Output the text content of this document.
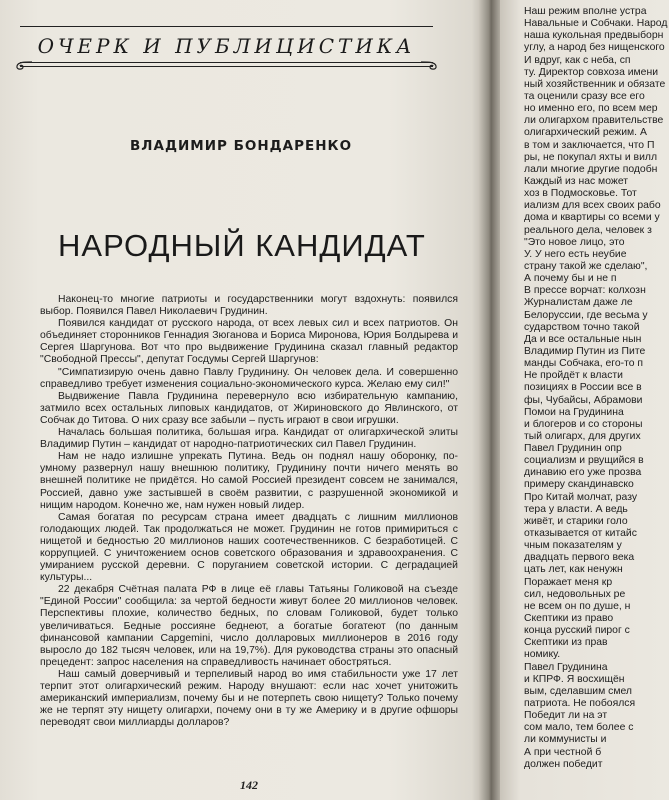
ОЧЕРК И ПУБЛИЦИСТИКА
ВЛАДИМИР БОНДАРЕНКО
НАРОДНЫЙ КАНДИДАТ

Наконец-то многие патриоты и государственники могут вздохнуть: появился выбор. Появился Павел Николаевич Грудинин.

Появился кандидат от русского народа, от всех левых сил и всех патриотов. Он объединяет сторонников Геннадия Зюганова и Бориса Миронова, Юрия Болдырева и Сергея Шаргунова. Вот что про выдвижение Грудинина сказал главный редактор "Свободной Прессы", депутат Госдумы Сергей Шаргунов:

"Симпатизирую очень давно Павлу Грудинину. Он человек дела. И совершенно справедливо требует изменения социально-экономического курса. Желаю ему сил!"

Выдвижение Павла Грудинина перевернуло всю избирательную кампанию, затмило всех остальных липовых кандидатов, от Жириновского до Явлинского, от Собчак до Титова. О них сразу все забыли – пусть играют в свои игрушки.

Началась большая политика, большая игра. Кандидат от олигархической элиты Владимир Путин – кандидат от народно-патриотических сил Павел Грудинин.

Нам не надо излишне упрекать Путина. Ведь он поднял нашу оборонку, по-умному развернул нашу внешнюю политику, Грудинину почти ничего менять во внешней политике не придётся. Но самой Россией президент совсем не занимался, Россией, давно уже застывшей в своём развитии, с разрушенной экономикой и нищим народом. Конечно же, нам нужен новый лидер.

Самая богатая по ресурсам страна имеет двадцать с лишним миллионов голодающих людей. Так продолжаться не может. Грудинин не готов примириться с нищетой и бедностью 20 миллионов наших соотечественников. С безработицей. С коррупцией. С уничтожением основ советского образования и здравоохранения. С умиранием русской деревни. С поруганием советской истории. С деградацией культуры...

22 декабря Счётная палата РФ в лице её главы Татьяны Голиковой на съезде "Единой России" сообщила: за чертой бедности живут более 20 миллионов человек. Перспективы плохие, количество бедных, по словам Голиковой, будет только увеличиваться. Бедные россияне беднеют, а богатые богатеют (по данным финансовой кампании Capgemini, число долларовых миллионеров в 2016 году выросло до 182 тысяч человек, или на 19,7%). Для руководства страны это опасный прецедент: запрос населения на справедливость начинает обостряться.

Наш самый доверчивый и терпеливый народ во имя стабильности уже 17 лет терпит этот олигархический режим. Народу внушают: если нас хочет унитожить американский империализм, почему бы и не потерпеть свою нищету? Только почему же не терпят эту нищету олигархи, почему они в ту же Америку и в другие офшоры переводят свои миллиарды долларов?

142
Наш режим вполне устра
Навальные и Собчаки. Народ
наша кукольная предвыборн
углу, а народ без нищенского
И вдруг, как с неба, сп
ту. Директор совхоза имени
ный хозяйственник и обязате
та оценили сразу все его
но именно его, по всем мер
ли олигархом правительстве
олигархический режим. А
в том и заключается, что П
ры, не покупал яхты и вилл
лали многие другие подобн
Каждый из нас может
хоз в Подмосковье. Тот
иализм для всех своих рабо
дома и квартиры со всеми у
реального дела, человек з
"Это новое лицо, это
У. У него есть неубие
страну такой же сделаю",
А почему бы и не п
В прессе ворчат: колхозн
Журналистам даже ле
Белоруссии, где весьма у
сударством точно такой
Да и все остальные нын
Владимир Путин из Пите
манды Собчака, его-то п
Не пройдёт к власти
позициях в России все в
фы, Чубайсы, Абрамови
Помои на Грудинина
и блогеров и со стороны
тый олигарх, для других
Павел Грудинин опр
социализм и рвущийся в
динавию его уже прозва
примеру скандинавско
Про Китай молчат, разу
тера у власти. А ведь
живёт, и старики голо
отказывается от китайс
чным показателям у
двадцать первого века
цать лет, как ненужн
Поражает меня кр
сил, недовольных ре
не всем он по душе, н
Скептики из право
конца русский пирог с
Скептики из прав
номику.
Павел Грудинина
и КПРФ. Я восхищён
вым, сделавшим смел
патриота. Не побоялся
Победит ли на эт
сом мало, тем более с
ли коммунисты и
А при честной б
должен победит
